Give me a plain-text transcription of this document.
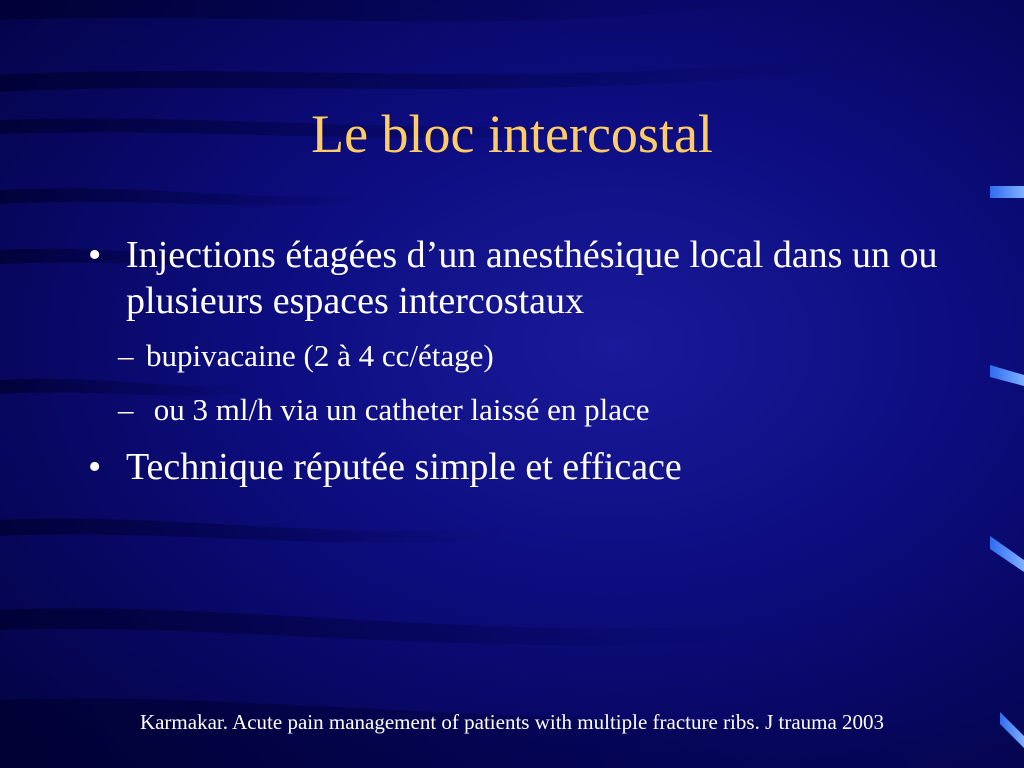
Le bloc intercostal
• Injections étagées d’un anesthésique local dans un ou plusieurs espaces intercostaux
– bupivacaine (2 à 4 cc/étage)
– ou 3 ml/h via un catheter laissé en place
• Technique réputée simple et efficace
Karmakar. Acute pain management of patients with multiple fracture ribs. J trauma 2003
